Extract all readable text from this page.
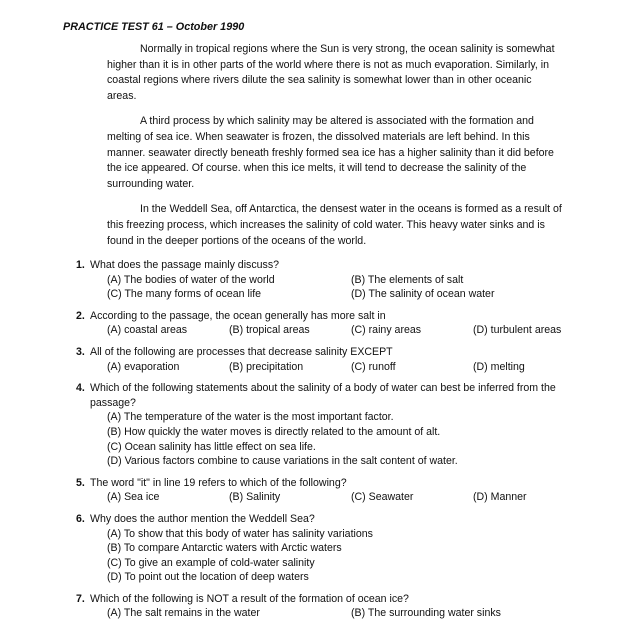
PRACTICE TEST 61 – October 1990

Normally in tropical regions where the Sun is very strong, the ocean salinity is somewhat higher than it is in other parts of the world where there is not as much evaporation. Similarly, in coastal regions where rivers dilute the sea salinity is somewhat lower than in other oceanic areas.

A third process by which salinity may be altered is associated with the formation and melting of sea ice. When seawater is frozen, the dissolved materials are left behind. In this manner. seawater directly beneath freshly formed sea ice has a higher salinity than it did before the ice appeared. Of course. when this ice melts, it will tend to decrease the salinity of the surrounding water.

In the Weddell Sea, off Antarctica, the densest water in the oceans is formed as a result of this freezing process, which increases the salinity of cold water. This heavy water sinks and is found in the deeper portions of the oceans of the world.

1. What does the passage mainly discuss?
(A) The bodies of water of the world	(B) The elements of salt
(C) The many forms of ocean life	(D) The salinity of ocean water
2. According to the passage, the ocean generally has more salt in
(A) coastal areas	(B) tropical areas	(C) rainy areas	(D) turbulent areas
3. All of the following are processes that decrease salinity EXCEPT
(A) evaporation	(B) precipitation	(C) runoff	(D) melting
4. Which of the following statements about the salinity of a body of water can best be inferred from the passage?
(A) The temperature of the water is the most important factor.
(B) How quickly the water moves is directly related to the amount of alt.
(C) Ocean salinity has little effect on sea life.
(D) Various factors combine to cause variations in the salt content of water.
5. The word "it" in line 19 refers to which of the following?
(A) Sea ice	(B) Salinity	(C) Seawater	(D) Manner
6. Why does the author mention the Weddell Sea?
(A) To show that this body of water has salinity variations
(B) To compare Antarctic waters with Arctic waters
(C) To give an example of cold-water salinity
(D) To point out the location of deep waters
7. Which of the following is NOT a result of the formation of ocean ice?
(A) The salt remains in the water	(B) The surrounding water sinks
